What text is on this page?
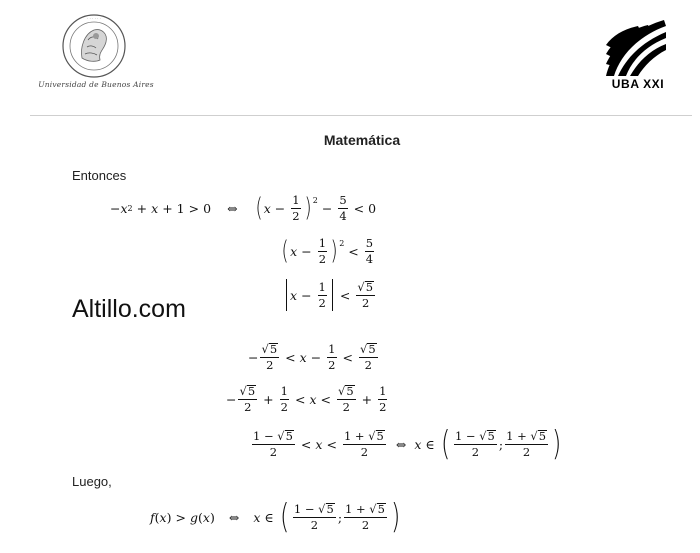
· · · · · ·
Universidad de Buenos Aires	UBA XXI
Matemática
Entonces
− x 2 + x + 1 > 0 ⇔ ( $x - \frac{1}{2} )^2$
− $\frac{5}{4} < 0$
( $x - \frac{1}{2} )^2$
< $\frac{5}{4}$
$x - \frac{1}{2} < \frac{√5}{2}$
Altillo.com
− $\frac{√5}{2} < x - \frac{1}{2} < \frac{√5}{2}$
− $\frac{√5}{2} + \frac{1}{2} < x < \frac{√5}{2} + \frac{1}{2}$
$\frac{1 - √5}{2} < x < \frac{1 + √5}{2}$ ⇔ x ∈ ( $\frac{1 - √5}{2}$ ; $\frac{1 + √5}{2}$ )
Luego,
f ( x ) > g ( x ) ⇔ x ∈ ( $\frac{1 - √5}{2}$ ; $\frac{1 + √5}{2}$ )
